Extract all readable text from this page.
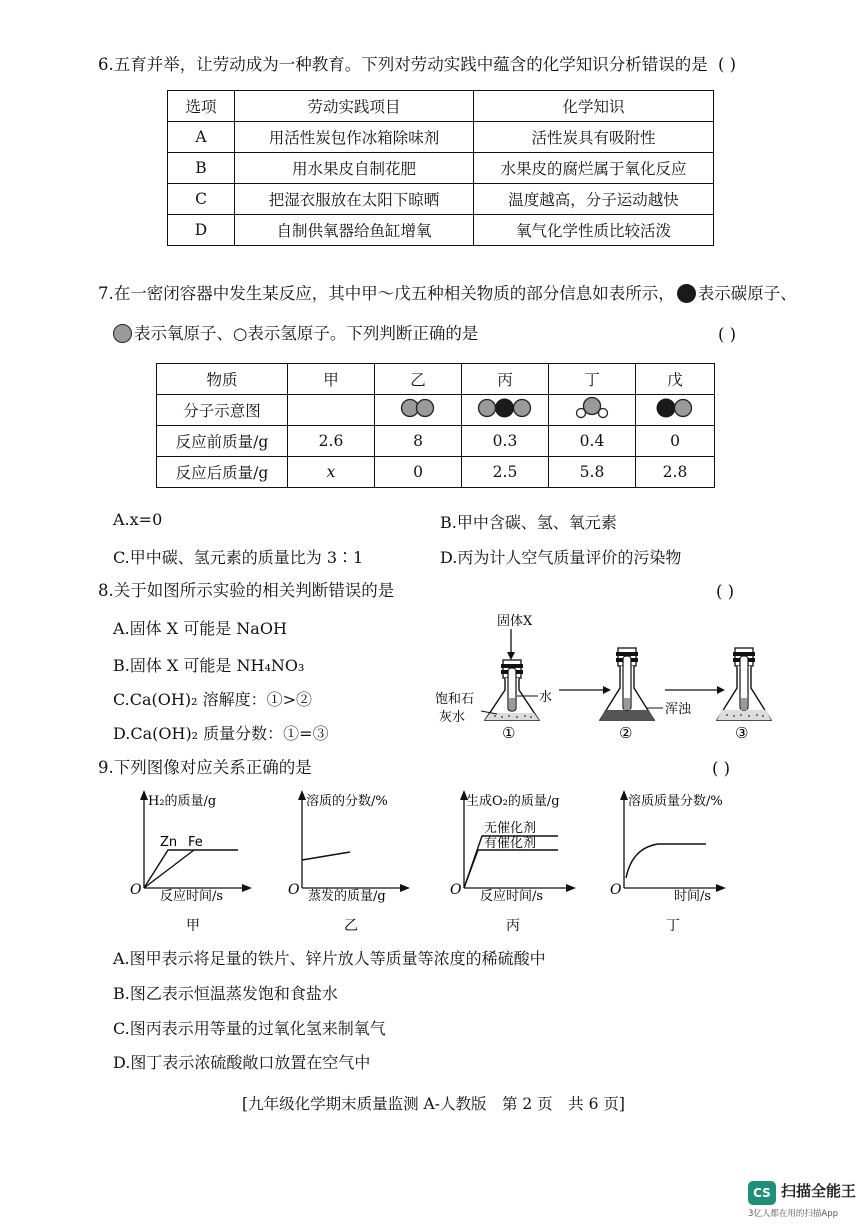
6.五育并举，让劳动成为一种教育。下列对劳动实践中蕴含的化学知识分析错误的是 ( )
选项	劳动实践项目	化学知识
A	用活性炭包作冰箱除味剂	活性炭具有吸附性
B	用水果皮自制花肥	水果皮的腐烂属于氧化反应
C	把湿衣服放在太阳下晾晒	温度越高，分子运动越快
D	自制供氧器给鱼缸增氧	氧气化学性质比较活泼
7.在一密闭容器中发生某反应，其中甲～戊五种相关物质的部分信息如表所示， 表示碳原子、
表示氧原子、○表示氢原子。下列判断正确的是	( )
物质	甲	乙	丙	丁	戊
分子示意图					
反应前质量/g	2.6	8	0.3	0.4	0
反应后质量/g	x	0	2.5	5.8	2.8
A.x=0	B.甲中含碳、氢、氧元素
C.甲中碳、氢元素的质量比为 3∶1	D.丙为计人空气质量评价的污染物
8.关于如图所示实验的相关判断错误的是	( )
A.固体 X 可能是 NaOH
B.固体 X 可能是 NH₄NO₃
C.Ca(OH)₂ 溶解度：①>②
D.Ca(OH)₂ 质量分数：①=③
固体X
饱和石
灰水
水
浑浊
①	②	③
9.下列图像对应关系正确的是	( )
H₂的质量/g
O 反应时间/s
Zn Fe
甲
溶质的分数/%
O 蒸发的质量/g
乙
生成O₂的质量/g
O 反应时间/s
无催化剂
有催化剂
丙
溶质质量分数/%
O	时间/s
丁
A.图甲表示将足量的铁片、锌片放人等质量等浓度的稀硫酸中
B.图乙表示恒温蒸发饱和食盐水
C.图丙表示用等量的过氧化氢来制氧气
D.图丁表示浓硫酸敞口放置在空气中
[九年级化学期末质量监测 A-人教版　第 2 页　共 6 页]
CS 扫描全能王
3亿人都在用的扫描App
